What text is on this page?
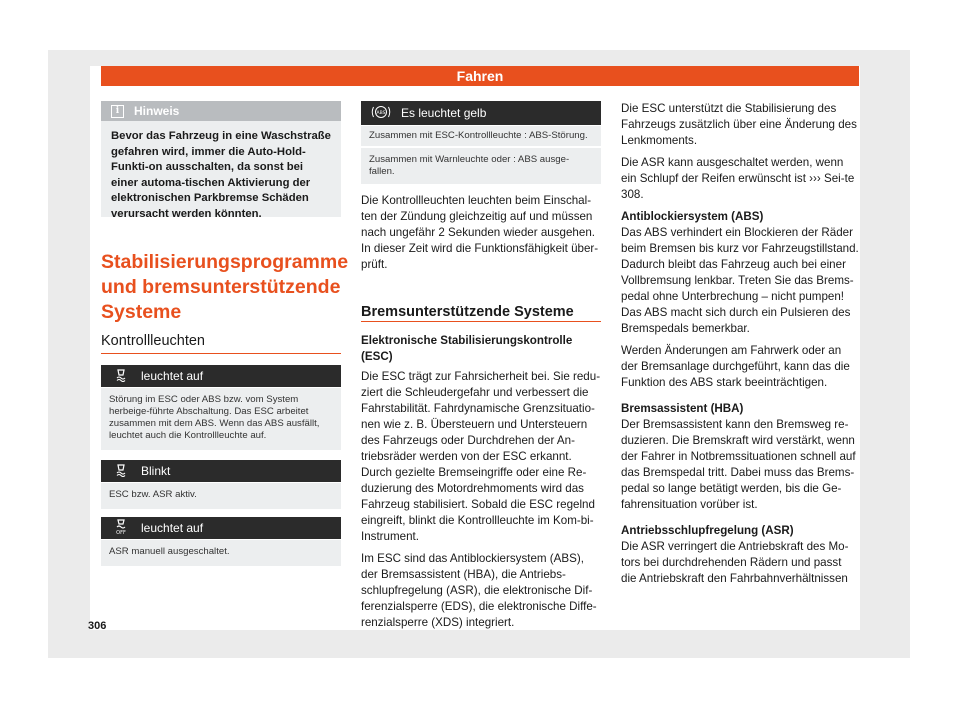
Fahren
i	Hinweis
Bevor das Fahrzeug in eine Waschstraße gefahren wird, immer die Auto-Hold-Funkti-on ausschalten, da sonst bei einer automa-tischen Aktivierung der elektronischen Parkbremse Schäden verursacht werden könnten.
Stabilisierungsprogramme und bremsunterstützende Systeme
Kontrollleuchten
leuchtet auf
Störung im ESC oder ABS bzw. vom System herbeige-führte Abschaltung. Das ESC arbeitet zusammen mit dem ABS. Wenn das ABS ausfällt, leuchtet auch die Kontrollleuchte auf.
Blinkt
ESC bzw. ASR aktiv.
OFF leuchtet auf
ASR manuell ausgeschaltet.
ABS Es leuchtet gelb
Zusammen mit ESC-Kontrollleuchte : ABS-Störung.
Zusammen mit Warnleuchte oder : ABS ausge-fallen.
Die Kontrollleuchten leuchten beim Einschal-ten der Zündung gleichzeitig auf und müssen nach ungefähr 2 Sekunden wieder ausgehen. In dieser Zeit wird die Funktionsfähigkeit über-prüft.
Bremsunterstützende Systeme

Elektronische Stabilisierungskontrolle (ESC)

Die ESC trägt zur Fahrsicherheit bei. Sie redu-ziert die Schleudergefahr und verbessert die Fahrstabilität. Fahrdynamische Grenzsituatio-nen wie z. B. Übersteuern und Untersteuern des Fahrzeugs oder Durchdrehen der An-triebsräder werden von der ESC erkannt. Durch gezielte Bremseingriffe oder eine Re-duzierung des Motordrehmoments wird das Fahrzeug stabilisiert. Sobald die ESC regelnd eingreift, blinkt die Kontrollleuchte im Kom-bi-Instrument.

Im ESC sind das Antiblockiersystem (ABS), der Bremsassistent (HBA), die Antriebs-schlupfregelung (ASR), die elektronische Dif-ferenzialsperre (EDS), die elektronische Diffe-renzialsperre (XDS) integriert.

Die ESC unterstützt die Stabilisierung des Fahrzeugs zusätzlich über eine Änderung des Lenkmoments.

Die ASR kann ausgeschaltet werden, wenn ein Schlupf der Reifen erwünscht ist ››› Sei-te 308.

Antiblockiersystem (ABS)

Das ABS verhindert ein Blockieren der Räder beim Bremsen bis kurz vor Fahrzeugstillstand. Dadurch bleibt das Fahrzeug auch bei einer Vollbremsung lenkbar. Treten Sie das Brems-pedal ohne Unterbrechung – nicht pumpen! Das ABS macht sich durch ein Pulsieren des Bremspedals bemerkbar.

Werden Änderungen am Fahrwerk oder an der Bremsanlage durchgeführt, kann das die Funktion des ABS stark beeinträchtigen.

Bremsassistent (HBA)

Der Bremsassistent kann den Bremsweg re-duzieren. Die Bremskraft wird verstärkt, wenn der Fahrer in Notbremssituationen schnell auf das Bremspedal tritt. Dabei muss das Brems-pedal so lange betätigt werden, bis die Ge-fahrensituation vorüber ist.

Antriebsschlupfregelung (ASR)

Die ASR verringert die Antriebskraft des Mo-tors bei durchdrehenden Rädern und passt die Antriebskraft den Fahrbahnverhältnissen

306
